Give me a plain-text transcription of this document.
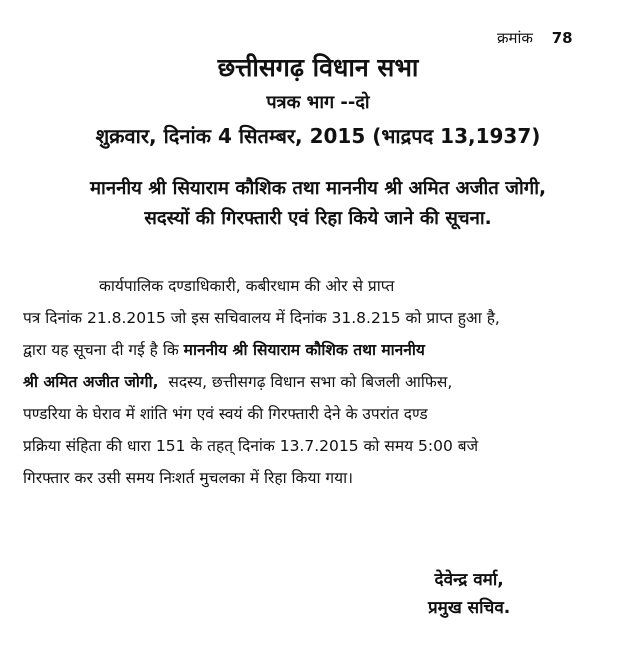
क्रमांक 78
छत्तीसगढ़ विधान सभा
पत्रक भाग --दो
शुक्रवार, दिनांक 4 सितम्बर, 2015 (भाद्रपद 13,1937)
माननीय श्री सियाराम कौशिक तथा माननीय श्री अमित अजीत जोगी,
सदस्यों की गिरफ्तारी एवं रिहा किये जाने की सूचना.
कार्यपालिक दण्डाधिकारी, कबीरधाम की ओर से प्राप्त
पत्र दिनांक 21.8.2015 जो इस सचिवालय में दिनांक 31.8.215 को प्राप्त हुआ है,
द्वारा यह सूचना दी गई है कि माननीय श्री सियाराम कौशिक तथा माननीय
श्री अमित अजीत जोगी, सदस्य, छत्तीसगढ़ विधान सभा को बिजली आफिस,
पण्डरिया के घेराव में शांति भंग एवं स्वयं की गिरफ्तारी देने के उपरांत दण्ड
प्रक्रिया संहिता की धारा 151 के तहत् दिनांक 13.7.2015 को समय 5:00 बजे
गिरफ्तार कर उसी समय निःशर्त मुचलका में रिहा किया गया।
देवेन्द्र वर्मा,
प्रमुख सचिव.
